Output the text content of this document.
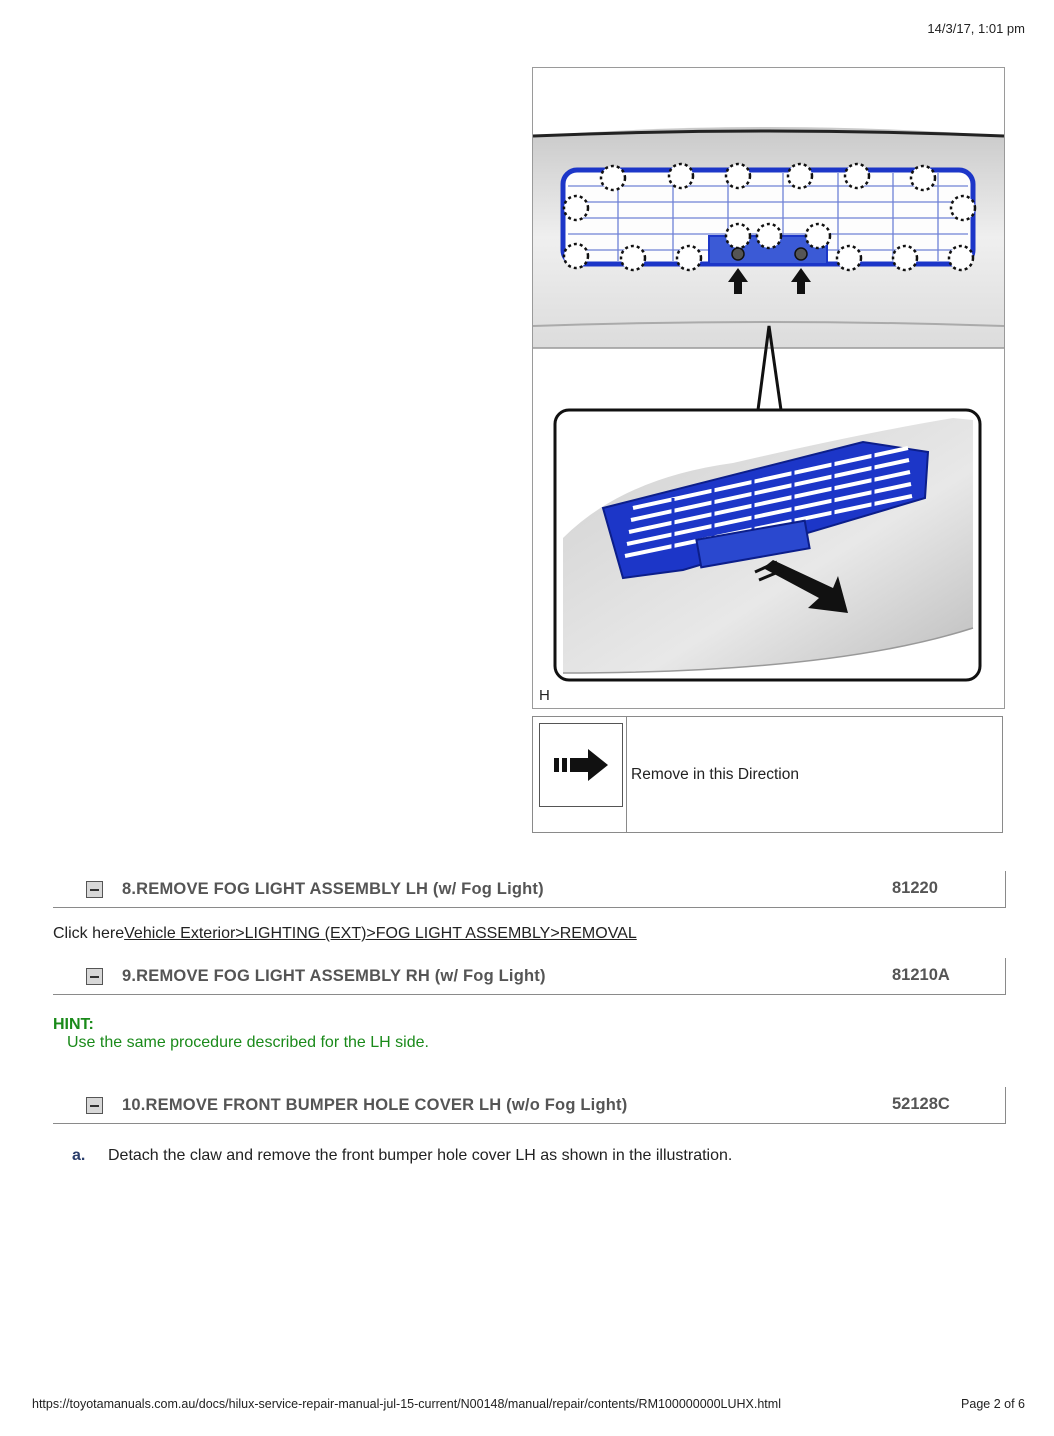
14/3/17, 1:01 pm
H
Remove in this Direction
8.REMOVE FOG LIGHT ASSEMBLY LH (w/ Fog Light)	81220
Click hereVehicle Exterior>LIGHTING (EXT)>FOG LIGHT ASSEMBLY>REMOVAL
9.REMOVE FOG LIGHT ASSEMBLY RH (w/ Fog Light)	81210A
HINT:
Use the same procedure described for the LH side.
10.REMOVE FRONT BUMPER HOLE COVER LH (w/o Fog Light)	52128C
a.	Detach the claw and remove the front bumper hole cover LH as shown in the illustration.
https://toyotamanuals.com.au/docs/hilux-service-repair-manual-jul-15-current/N00148/manual/repair/contents/RM100000000LUHX.html	Page 2 of 6
